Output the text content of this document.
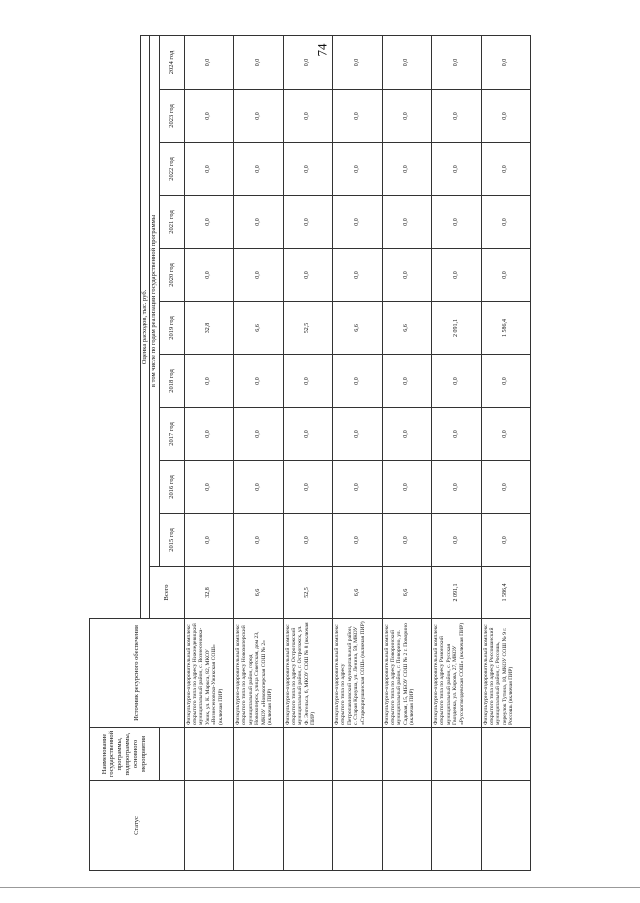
74
Статус	Наименование государственной программы, подпрограммы, основного мероприятия	Источник ресурсного обеспечения											
			Оценка расходов, тыс. руб.										
			Всего	в том числе по годам реализации государственной программы									
				2015 год	2016 год	2017 год	2018 год	2019 год	2020 год	2021 год	2022 год	2023 год	2024 год
		Физкультурно-оздоровительный комплекс открытого типа по адресу Нижнедевицкий муниципальный район, с. Вознесеновка-Ужик, ул. К. Маркса, 82, МКОУ «Вознесеновско-Ужикская СОШ» (включая ПИР)	32,8	0,0	0,0	0,0	0,0	32,8	0,0	0,0	0,0	0,0	0,0
		Физкультурно-оздоровительный комплекс открытого типа по адресу Новохоперский муниципальный район, город Новохоперск, улица Советская, дом 23, МКОУ «Новохоперская СОШ № 2» (включая ПИР)	6,6	0,0	0,0	0,0	0,0	6,6	0,0	0,0	0,0	0,0	0,0
		Физкультурно-оздоровительный комплекс открытого типа по адресу Острогожский муниципальный район, г. Острогожск, ул. Ф. Энгельса, 6, МКОУ СОШ № 8 (включая ПИР)	52,5	0,0	0,0	0,0	0,0	52,5	0,0	0,0	0,0	0,0	0,0
		Физкультурно-оздоровительный комплекс открытого типа по адресу Петропавловский муниципальный район, с. Старая Криуша, ул. Ленина, 59, МКОУ «Старокриушанская СОШ» (включая ПИР)	6,6	0,0	0,0	0,0	0,0	6,6	0,0	0,0	0,0	0,0	0,0
		Физкультурно-оздоровительный комплекс открытого типа по адресу Поворинский муниципальный район, г. Поворино, ул. Садовая, 15, МБОУ СОШ № 2 г. Поворино (включая ПИР)	6,6	0,0	0,0	0,0	0,0	6,6	0,0	0,0	0,0	0,0	0,0
		Физкультурно-оздоровительный комплекс открытого типа по адресу Рамонский муниципальный район, с. Русская Гвоздевка, ул. Кирова, 27, МКОУ «Русскогвоздевская СОШ» (включая ПИР)	2 091,1	0,0	0,0	0,0	0,0	2 091,1	0,0	0,0	0,0	0,0	0,0
		Физкультурно-оздоровительный комплекс открытого типа по адресу Россошанский муниципальный район, г. Россошь, переулок Тутина, 10, МКОУ СОШ № 9 г. Россошь (включая ПИР)	1 586,4	0,0	0,0	0,0	0,0	1 586,4	0,0	0,0	0,0	0,0	0,0
